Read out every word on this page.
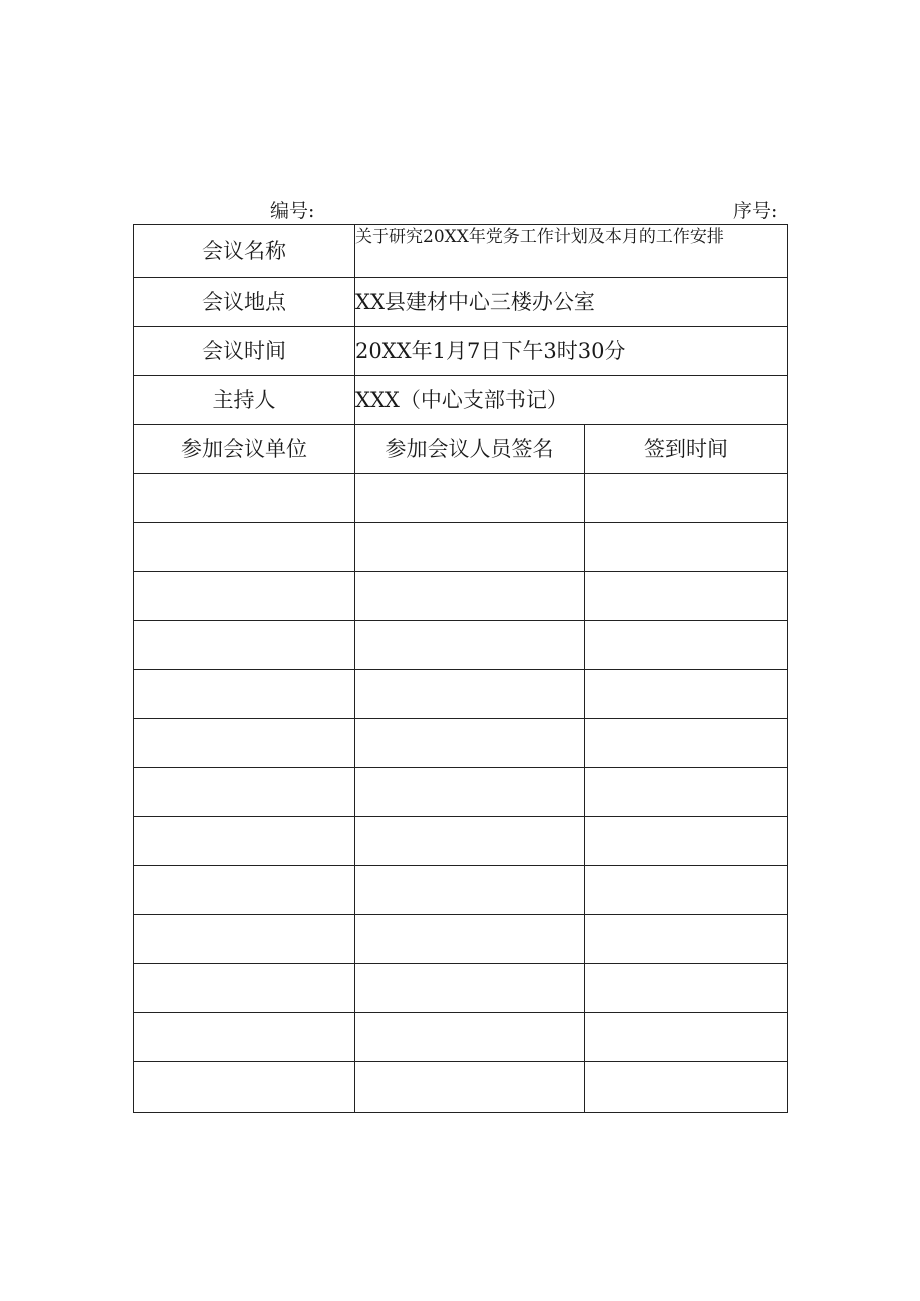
编号:	序号:
会议名称	关于研究20XX年党务工作计划及本月的工作安排	
会议地点	XX县建材中心三楼办公室	
会议时间	20XX年1月7日下午3时30分	
主持人	XXX（中心支部书记）	
参加会议单位	参加会议人员签名	签到时间
